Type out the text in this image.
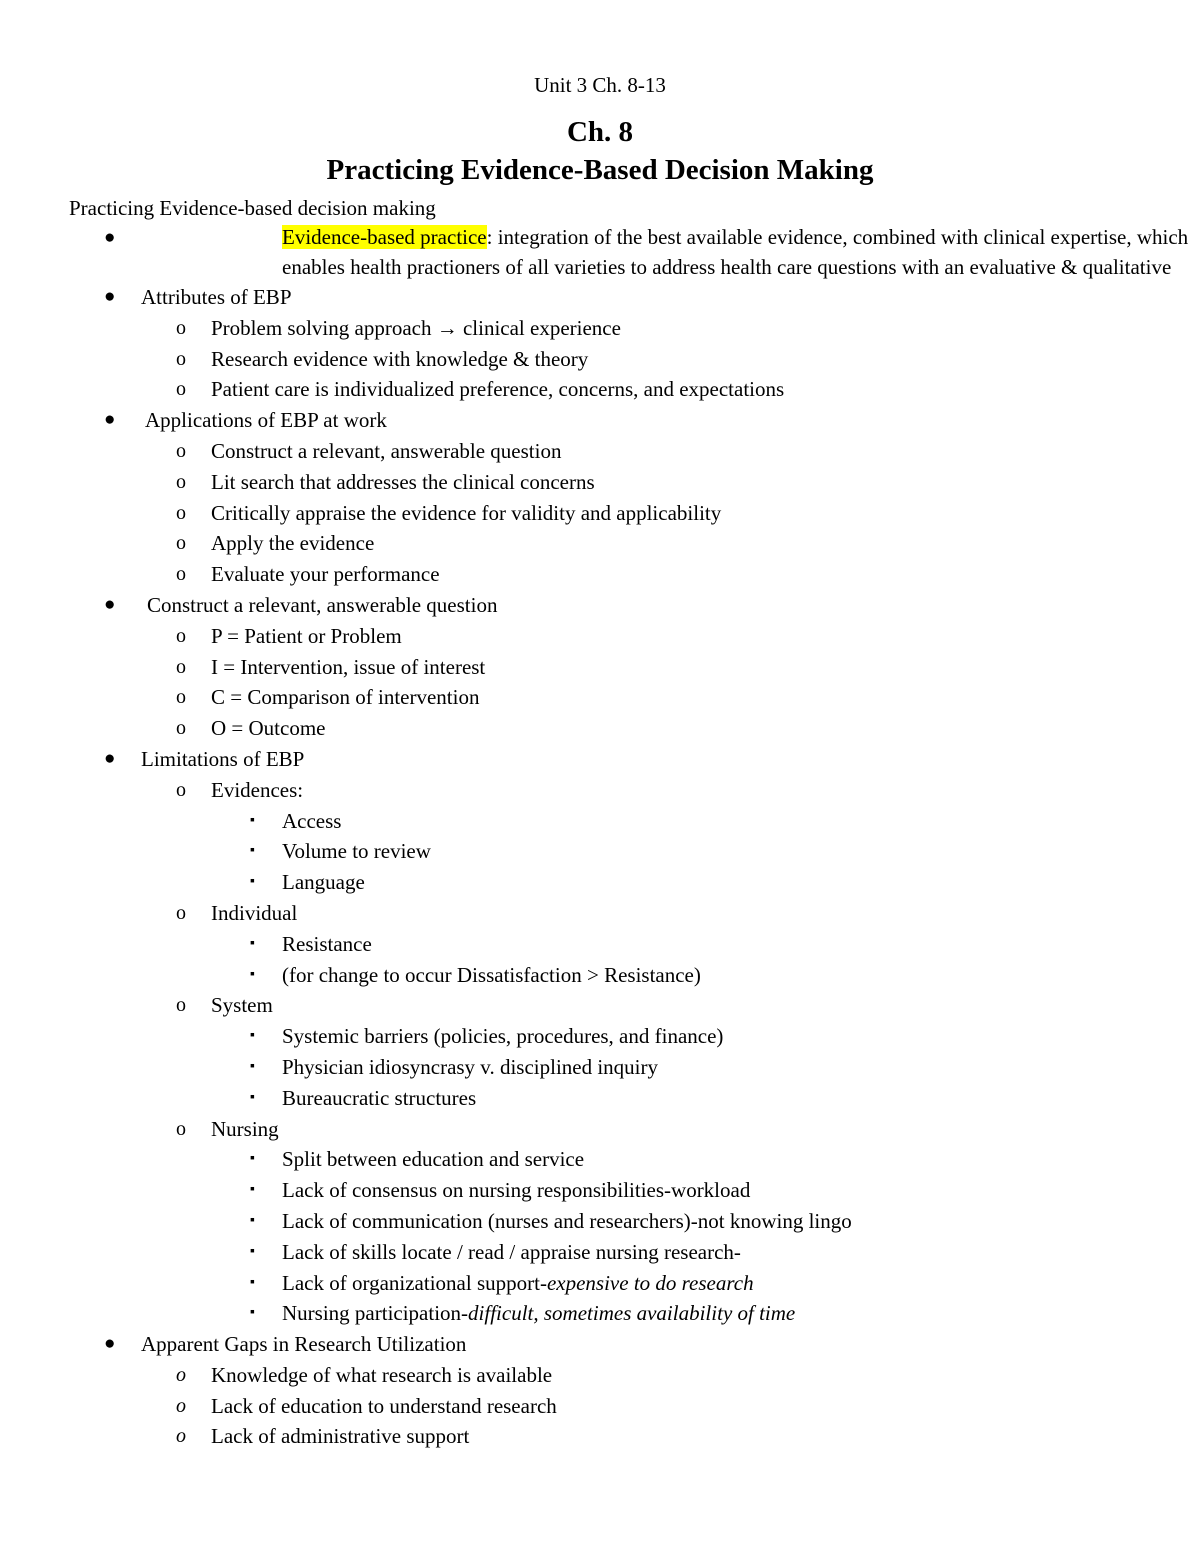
Unit 3 Ch. 8-13
Ch. 8
Practicing Evidence-Based Decision Making
Practicing Evidence-based decision making
●	Evidence-based practice: integration of the best available evidence, combined with clinical expertise, which enables health practioners of all varieties to address health care questions with an evaluative & qualitative
● Attributes of EBP
o Problem solving approach → clinical experience
o Research evidence with knowledge & theory
o Patient care is individualized preference, concerns, and expectations
● Applications of EBP at work
o Construct a relevant, answerable question
o Lit search that addresses the clinical concerns
o Critically appraise the evidence for validity and applicability
o Apply the evidence
o Evaluate your performance
● Construct a relevant, answerable question
o P = Patient or Problem
o I = Intervention, issue of interest
o C = Comparison of intervention
o O = Outcome
● Limitations of EBP
o Evidences:
▪ Access
▪ Volume to review
▪ Language
o Individual
▪ Resistance
▪ (for change to occur Dissatisfaction > Resistance)
o System
▪ Systemic barriers (policies, procedures, and finance)
▪ Physician idiosyncrasy v. disciplined inquiry
▪ Bureaucratic structures
o Nursing
▪ Split between education and service
▪ Lack of consensus on nursing responsibilities-workload
▪ Lack of communication (nurses and researchers)-not knowing lingo
▪ Lack of skills locate / read / appraise nursing research-
▪ Lack of organizational support-expensive to do research
▪ Nursing participation-difficult, sometimes availability of time
● Apparent Gaps in Research Utilization
o Knowledge of what research is available
o Lack of education to understand research
o Lack of administrative support
